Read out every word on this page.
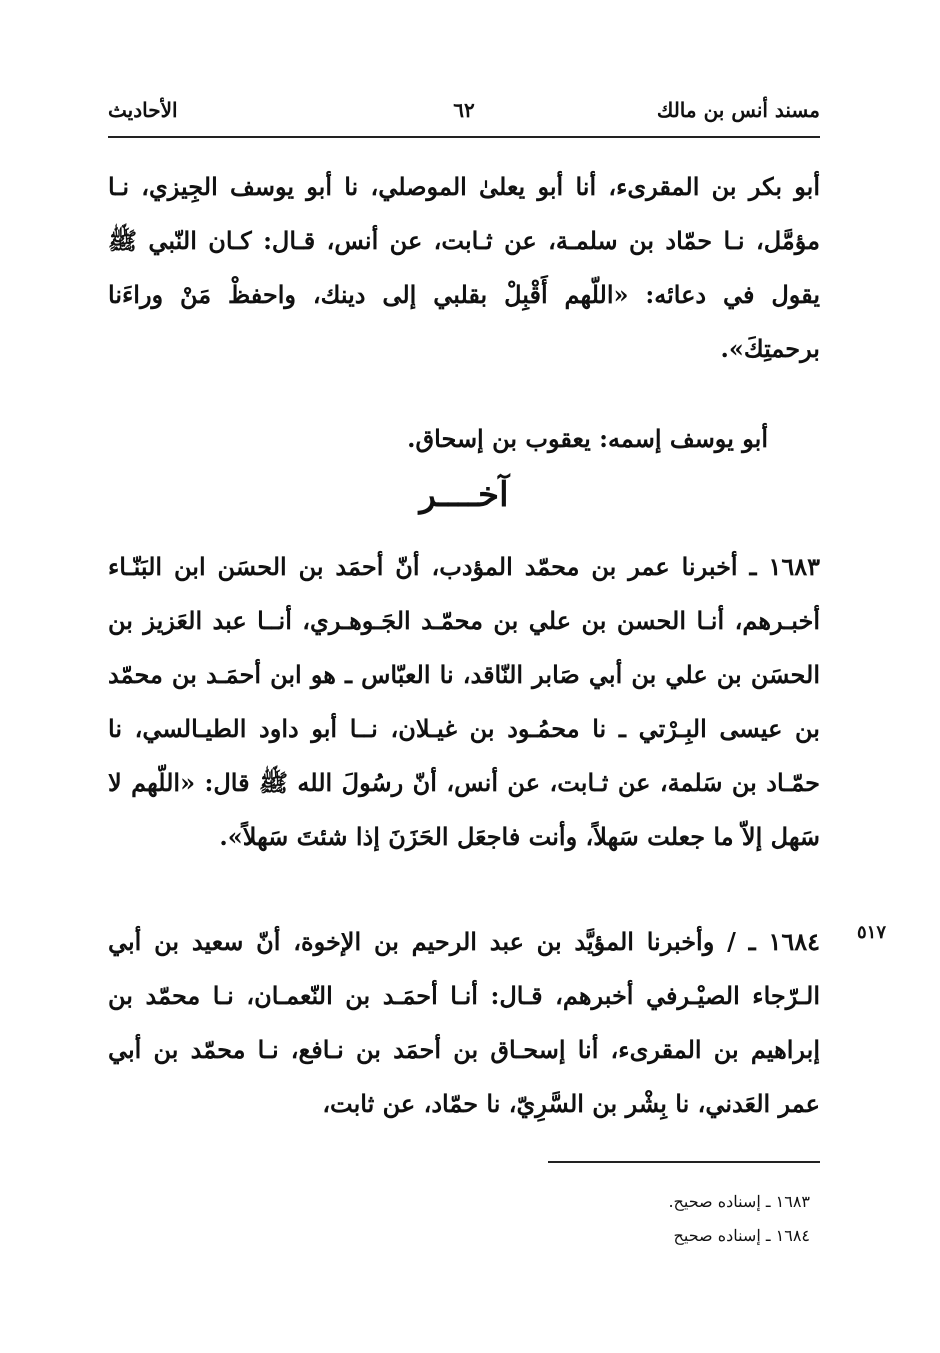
مسند أنس بن مالك
٦٢
الأحاديث
أبو بكر بن المقرىء، أنا أبو يعلىٰ الموصلي، نا أبو يوسف الجِيزي، نـا مؤمَّل، نـا حمّاد بن سلمـة، عن ثـابت، عن أنس، قـال: كـان النّبي ﷺ يقول في دعائه: «اللّهم أَقْبِلْ بقلبي إلى دينك، واحفظْ مَنْ وراءَنا برحمتِكَ».
أبو يوسف إسمه: يعقوب بن إسحاق.
آخــــر
١٦٨٣ ـ أخبرنا عمر بن محمّد المؤدب، أنّ أحمَد بن الحسَن ابن البَنّـاء أخبـرهم، أنـا الحسن بن علي بن محمّـد الجَـوهـري، أنــا عبد العَزيز بن الحسَن بن علي بن أبي صَابر النّاقد، نا العبّاس ـ هو ابن أحمَـد بن محمّد بن عيسى البِـرْتي ـ نا محمُـود بن غيـلان، نــا أبو داود الطيـالسي، نا حمّـاد بن سَلمة، عن ثـابت، عن أنس، أنّ رسُولَ الله ﷺ قال: «اللّهم لا سَهل إلاّ ما جعلت سَهلاً، وأنت فاجعَل الحَزَنَ إذا شئتَ سَهلاً».
٥١٧
١٦٨٤ ـ / وأخبرنا المؤيَّد بن عبد الرحيم بن الإخوة، أنّ سعيد بن أبي الـرّجاء الصيْـرفي أخبرهم، قـال: أنـا أحمَـد بن النّعمـان، نـا محمّد بن إبراهيم بن المقرىء، أنا إسحـاق بن أحمَد بن نـافع، نـا محمّد بن أبي عمر العَدني، نا بِشْر بن السَّرِيّ، نا حمّاد، عن ثابت،
١٦٨٣ ـ إسناده صحيح.
١٦٨٤ ـ إسناده صحيح
